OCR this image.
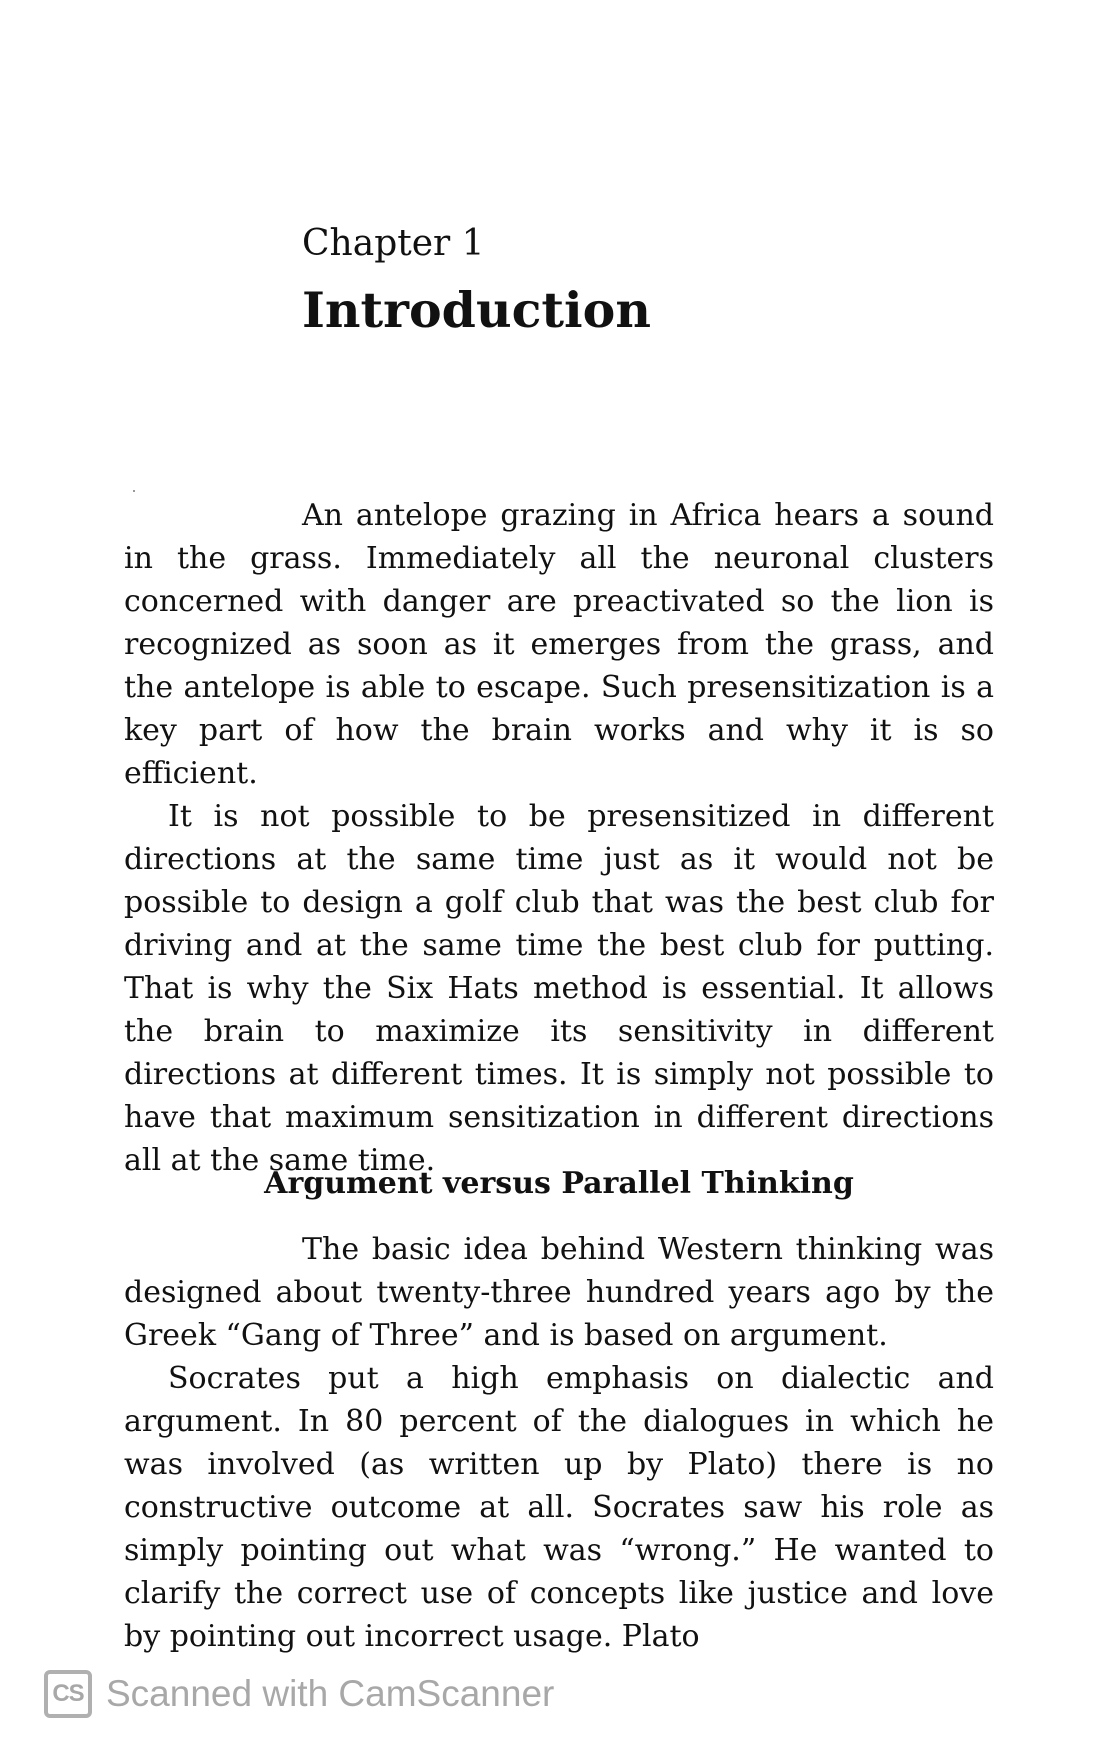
Chapter 1
Introduction

An antelope grazing in Africa hears a sound in the grass. Immediately all the neuronal clusters concerned with danger are preactivated so the lion is recognized as soon as it emerges from the grass, and the antelope is able to escape. Such presensitization is a key part of how the brain works and why it is so efficient.

It is not possible to be presensitized in different directions at the same time just as it would not be possible to design a golf club that was the best club for driving and at the same time the best club for putting. That is why the Six Hats method is essential. It allows the brain to maximize its sensitivity in different directions at different times. It is simply not possible to have that maximum sensitization in different directions all at the same time.

Argument versus Parallel Thinking

The basic idea behind Western thinking was designed about twenty-three hundred years ago by the Greek “Gang of Three” and is based on argument.

Socrates put a high emphasis on dialectic and argument. In 80 percent of the dialogues in which he was involved (as written up by Plato) there is no constructive outcome at all. Socrates saw his role as simply pointing out what was “wrong.” He wanted to clarify the correct use of concepts like justice and love by pointing out incorrect usage. Plato

CS Scanned with CamScanner
